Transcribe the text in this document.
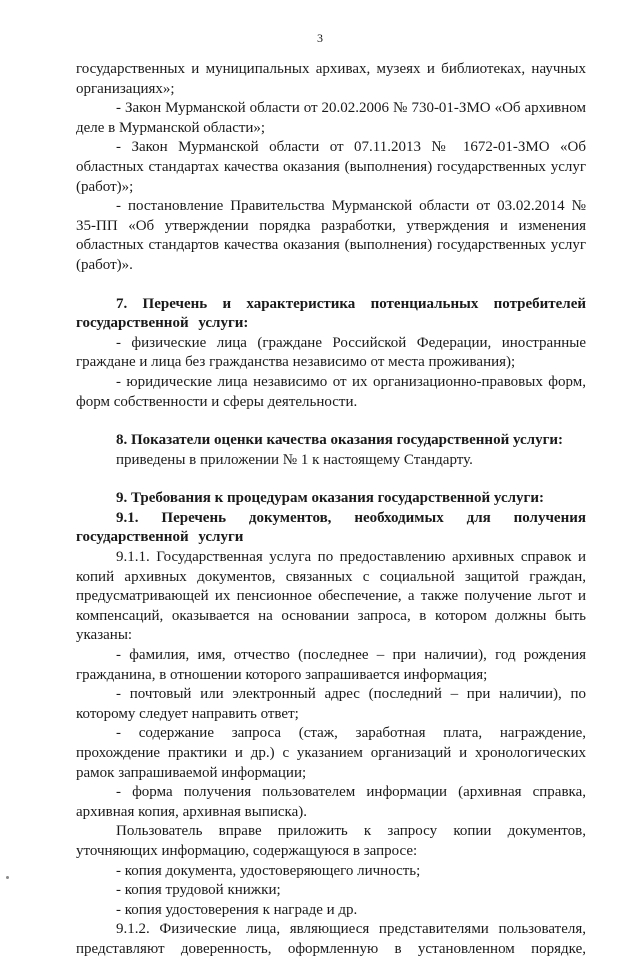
3

государственных и муниципальных архивах, музеях и библиотеках, научных организациях»;

- Закон Мурманской области от 20.02.2006 № 730-01-ЗМО «Об архивном деле в Мурманской области»;

- Закон Мурманской области от 07.11.2013 № 1672-01-ЗМО «Об областных стандартах качества оказания (выполнения) государственных услуг (работ)»;

- постановление Правительства Мурманской области от 03.02.2014 № 35-ПП «Об утверждении порядка разработки, утверждения и изменения областных стандартов качества оказания (выполнения) государственных услуг (работ)».

7. Перечень и характеристика потенциальных потребителей государственной услуги:

- физические лица (граждане Российской Федерации, иностранные граждане и лица без гражданства независимо от места проживания);

- юридические лица независимо от их организационно-правовых форм, форм собственности и сферы деятельности.

8. Показатели оценки качества оказания государственной услуги:

приведены в приложении № 1 к настоящему Стандарту.

9. Требования к процедурам оказания государственной услуги:

9.1. Перечень документов, необходимых для получения государственной услуги

9.1.1. Государственная услуга по предоставлению архивных справок и копий архивных документов, связанных с социальной защитой граждан, предусматривающей их пенсионное обеспечение, а также получение льгот и компенсаций, оказывается на основании запроса, в котором должны быть указаны:

- фамилия, имя, отчество (последнее – при наличии), год рождения гражданина, в отношении которого запрашивается информация;

- почтовый или электронный адрес (последний – при наличии), по которому следует направить ответ;

- содержание запроса (стаж, заработная плата, награждение, прохождение практики и др.) с указанием организаций и хронологических рамок запрашиваемой информации;

- форма получения пользователем информации (архивная справка, архивная копия, архивная выписка).

Пользователь вправе приложить к запросу копии документов, уточняющих информацию, содержащуюся в запросе:

- копия документа, удостоверяющего личность;

- копия трудовой книжки;

- копия удостоверения к награде и др.

9.1.2. Физические лица, являющиеся представителями пользователя, представляют доверенность, оформленную в установленном порядке,
